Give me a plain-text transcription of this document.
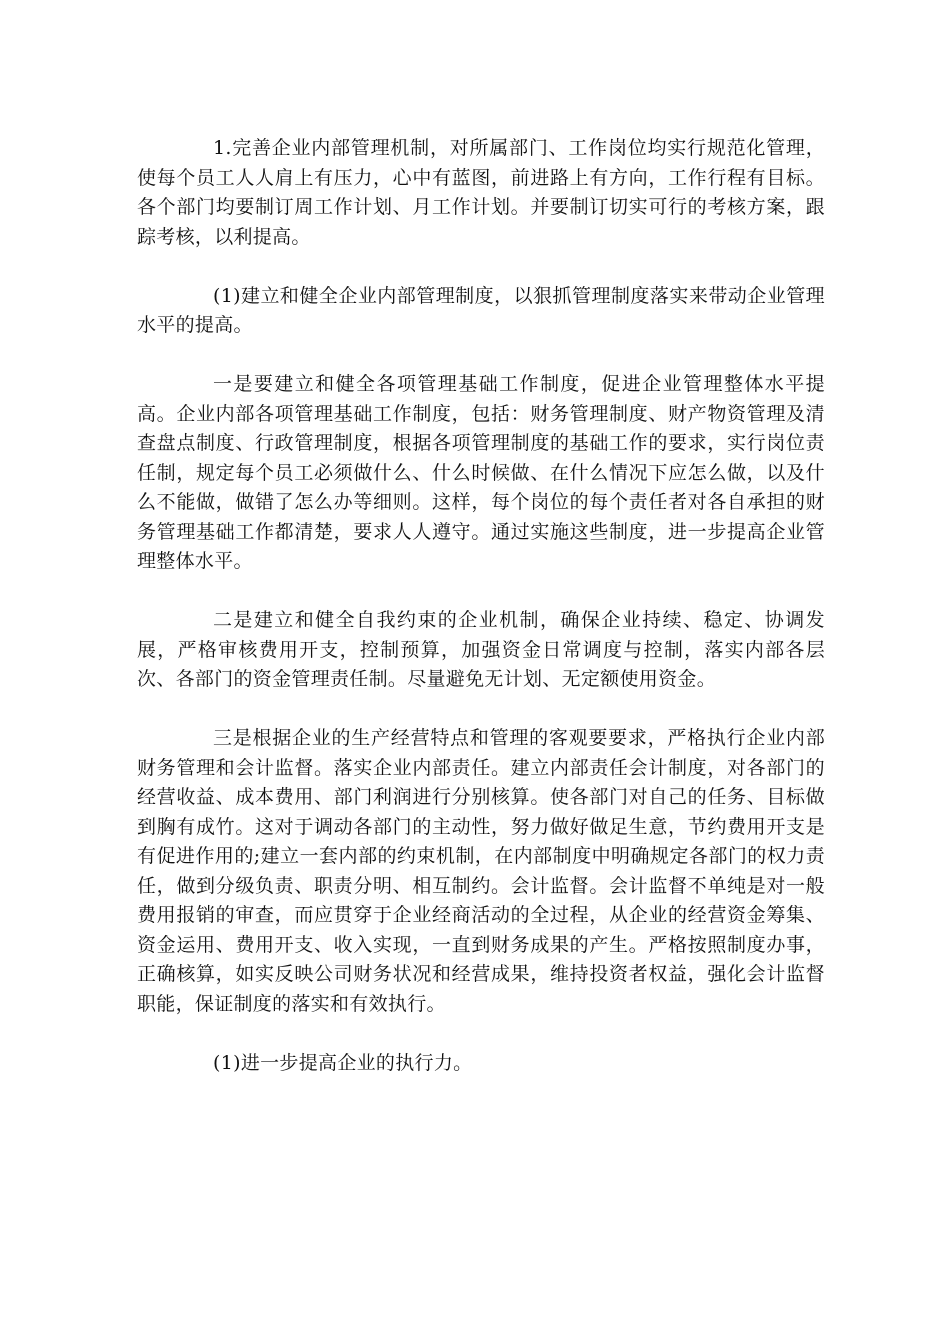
1.完善企业内部管理机制，对所属部门、工作岗位均实行规范化管理，使每个员工人人肩上有压力，心中有蓝图，前进路上有方向，工作行程有目标。各个部门均要制订周工作计划、月工作计划。并要制订切实可行的考核方案，跟踪考核，以利提高。

(1)建立和健全企业内部管理制度，以狠抓管理制度落实来带动企业管理水平的提高。

一是要建立和健全各项管理基础工作制度，促进企业管理整体水平提高。企业内部各项管理基础工作制度，包括：财务管理制度、财产物资管理及清查盘点制度、行政管理制度，根据各项管理制度的基础工作的要求，实行岗位责任制，规定每个员工必须做什么、什么时候做、在什么情况下应怎么做，以及什么不能做，做错了怎么办等细则。这样，每个岗位的每个责任者对各自承担的财务管理基础工作都清楚，要求人人遵守。通过实施这些制度，进一步提高企业管理整体水平。

二是建立和健全自我约束的企业机制，确保企业持续、稳定、协调发展，严格审核费用开支，控制预算，加强资金日常调度与控制，落实内部各层次、各部门的资金管理责任制。尽量避免无计划、无定额使用资金。

三是根据企业的生产经营特点和管理的客观要要求，严格执行企业内部财务管理和会计监督。落实企业内部责任。建立内部责任会计制度，对各部门的经营收益、成本费用、部门利润进行分别核算。使各部门对自己的任务、目标做到胸有成竹。这对于调动各部门的主动性，努力做好做足生意，节约费用开支是有促进作用的;建立一套内部的约束机制，在内部制度中明确规定各部门的权力责任，做到分级负责、职责分明、相互制约。会计监督。会计监督不单纯是对一般费用报销的审查，而应贯穿于企业经商活动的全过程，从企业的经营资金筹集、资金运用、费用开支、收入实现，一直到财务成果的产生。严格按照制度办事，正确核算，如实反映公司财务状况和经营成果，维持投资者权益，强化会计监督职能，保证制度的落实和有效执行。

(1)进一步提高企业的执行力。
